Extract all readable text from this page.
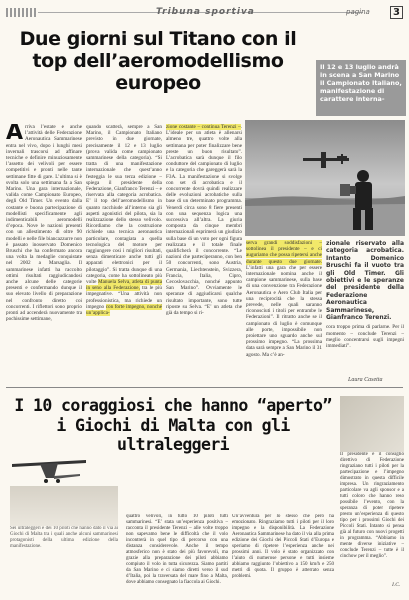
Tribuna sportiva	pagina	3
Due giorni sul Titano con il top dell’aeromodellismo europeo
Il 12 e 13 luglio andrà in scena a San Marino il Campionato Italiano, manifestazione di carattere interna-
Arriva l’estate e anche l’attività delle Federazione Aeronautica Sammarinese entra nel vivo, dopo i lunghi mesi invernali trascorsi ad affinare tecniche e definire minuziosamente l’assetto dei velivoli per essere competitivi e pronti nelle tante settimane fitte di gare. L’ultima si è svolta solo una settimana fa a San Marino. Una gara internazionale, valida come Campionato Europeo, degli Old Timer. Un evento dalla costante e buona partecipazione di modellisti specificamente agli indimenticabili aeromodelli d’epoca. Nove le nazioni presenti con un allestimento di oltre 90 modelli e nelle file biancazzurre non è passato inosservato Domenico Bruschi che ha confermato ancora una volta la medaglie conquistate nel 2002 a Marsaglia. Il sammarinese infatti ha raccolto ottimi risultati raggiudicandosi anche alcune delle categorie presenti e confermando dunque il suo elevato livello di preparazione nel confronto diretto coi concorrenti. I riflettori sono proprio pronti ad accenderà nuovamente tra pochissime settimane,
quando scatterà, sempre a San Marino, il Campionato Italiano previsto in due giornate, precisamente il 12 e 13 luglio (prova valida come campionato sammarinese della categoria). “Si tratta di una manifestazione internazionale che quest’anno festeggia le sua terza edizione – spiega il presidente della Federazione, Gianfranco Terenzi – e riservata alla categoria acrobatica. E’ il top dell’aeromodellismo in quanto racchiude all’interno sia gli aspetti agonistici del pilota, sia la realizzazione dello stesso velivolo. Ricordiamo che la costruzione richiede una tecnica aeronautica particolare, contagiata a quella tecnologica del motore per raggiungere così i migliori risultati, senza dimenticare anche tutti gli apparati elettronici per il pilotaggio”. Si tratta dunque di una categoria, come ha sottolineato più volte Manuela Selva, atleta di punta in seno alla Federazione, tra le più impegnative. “Una attività non professionistica, ma richiede un impegno con forte impegno, nonché un’applica-
zione costante – continua Terenzi –. L’ideale per un atleta è allenarsi almeno tre, quattro volte alla settimana per poter finalizzare bene preste un buon risultato”. L’acrobatica sarà dunque il filo conduttore del campionato di luglio e la categoria che gareggerà sarà la F3A. La manifestazione si svolge con set di acrobatica e il concorrente dovrà quindi realizzare delle evoluzioni acrobatiche sulla base di un determinato programma. Venerdì circa sono 8 fiere presenti con una sequenza logica una successiva all’altra. La giuria composta da cinque membri internazionali esprimerà un giudizio sulla base di un voto per ogni figura realizzata e il totale finale qualificherà il concorrente. “Le nazioni che parteciperanno, con ben 50 concorrenti, sono Austria, Germania, Liechtenstein, Svizzera, Francia, Italia, Cipro, Cecoslovacchia, nonché appunto San Marino”. Ovviamente le speranze di aggiudicarsi qualche risultato importante, sono tutte riposte su Selva. “E’ un atleta che già da tempo si ri-
serva grandi soddisfazioni – sottolinea il presidente – e ci auguriamo che possa ripetersi anche durante questo due giornate. L’infatti una gara che per essere internazionale nomina anche il campione sammarinese, sulla base di una convenzione tra Federazione Aeronautica e Aero Club Italia per una reciprocità che la stessa prevede, nelle quali saranno riconosciuti i titoli per entrambe le Federazioni”. Il ritratto anche se il campionato di luglio è comunque alle porte, impossibile non proiettare uno sguardo anche sul prossimo impegno. “La prossima data sarà sempre a San Marino il 31 agosto. Ma c’è an-

zionale riservato alla categoria acrobatica. Intanto Domenico Bruschi fa il vuoto tra gli Old Timer. Gli obiettivi e le speranze del presidente della Federazione Aeronautica Sammarinese, Gianfranco Terenzi.

cora troppo prima di parlarne. Per il momento – conclude Terenzi – meglio concentrarsi sugli impegni immediati”.

Laura Casetta
I 10 coraggiosi che hanno “aperto” i Giochi di Malta con gli ultraleggeri
Sei ultraleggeri e dei 10 piloti che hanno dato il via ai Giochi di Malta tra i quali anche alcuni sammarinesi protagonisti della ultima edizione della manifestazione.
quattro velivoli, in tutto 10 piloti tutti sammarinesi. “E’ stata un’esperienza positiva – racconta il presidente Terenzi – alle volte troppo non sapevamo bene le difficoltà che il volo incontrerà in quel tipo di percorso con una distanza considerevole. Anche il tempo atmosferico non è stato dei più favorevoli, ma grazie alla preparazione dei piloti abbiamo compiuto il volo in tutta sicurezza. Siamo partiti da San Marino e ci siamo diretti verso il sud d’Italia, poi la traversata del mare fino a Malta, dove abbiamo consegnato la fiaccola ai Giochi.
Un’avventura per lo stesso che però ha emozionato. Ringraziamo tutti i piloti per il loro impegno e la disponibilità. La Federazione Aeronautica Sammarinese ha dato il via alla prima edizione dei Giochi dei Piccoli Stati d’Europa e speriamo di ripetere l’esperienza anche nei prossimi anni. Il volo è stato organizzato con l’aiuto di numerose persone e tutti insieme abbiamo raggiunto l’obiettivo a 150 km/h e 250 metri di quota. Il gruppo è atterrato senza problemi.
Il presidente e il consiglio direttivo di Federazione ringraziano tutti i piloti per la partecipazione e l’impegno dimostrato in questa difficile impresa. Un ringraziamento particolare va agli sponsor e a tutti coloro che hanno reso possibile l’evento, con la speranza di poter ripetere presto un’esperienza di questo tipo per i prossimi Giochi dei Piccoli Stati. Intanto si pensa già al futuro con nuovi progetti in programma. “Abbiamo in mente diverse iniziative – conclude Terenzi – tutte è il cinchow per il meglio”.
I.C.
